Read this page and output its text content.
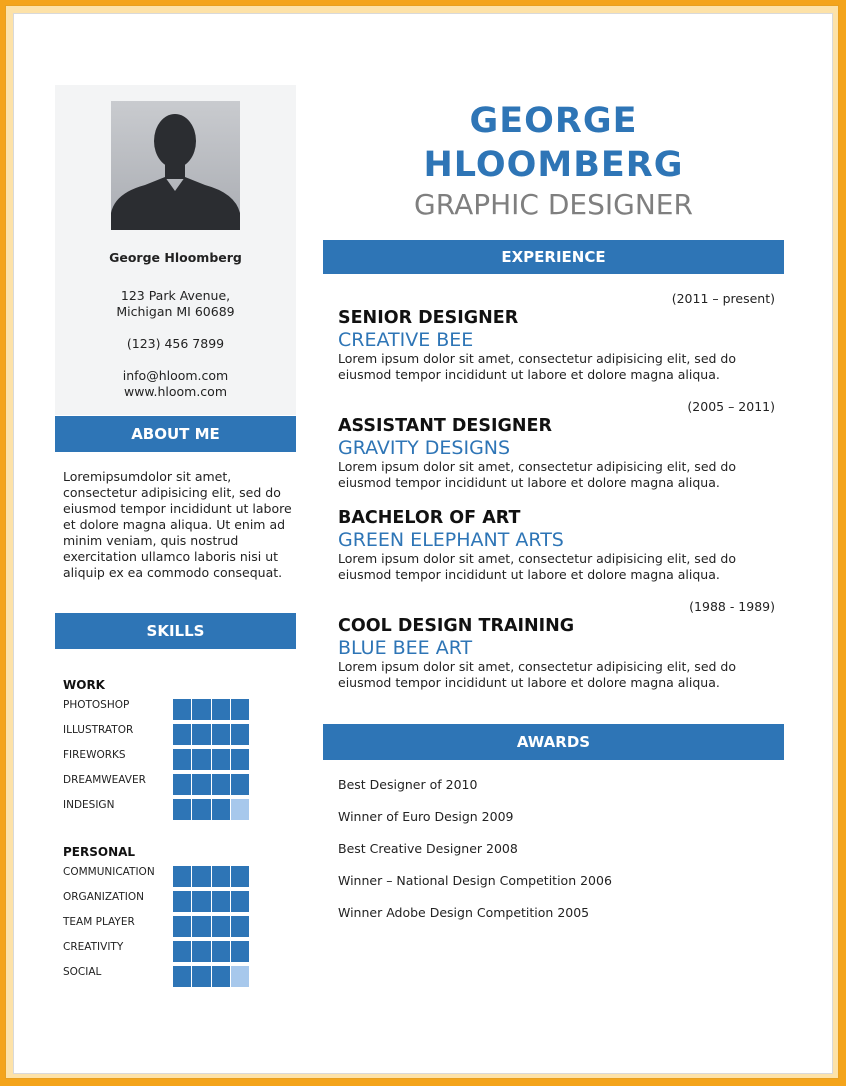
George Hloomberg
123 Park Avenue,
Michigan MI 60689
(123) 456 7899
info@hloom.com
www.hloom.com
ABOUT ME
Loremipsumdolor sit amet, consectetur adipisicing elit, sed do eiusmod tempor incididunt ut labore et dolore magna aliqua. Ut enim ad minim veniam, quis nostrud exercitation ullamco laboris nisi ut aliquip ex ea commodo consequat.
SKILLS
WORK
PHOTOSHOP
ILLUSTRATOR
FIREWORKS
DREAMWEAVER
INDESIGN
PERSONAL
COMMUNICATION
ORGANIZATION
TEAM PLAYER
CREATIVITY
SOCIAL
GEORGE
HLOOMBERG
GRAPHIC DESIGNER
EXPERIENCE
(2011 – present)
SENIOR DESIGNER
CREATIVE BEE
Lorem ipsum dolor sit amet, consectetur adipisicing elit, sed do
eiusmod tempor incididunt ut labore et dolore magna aliqua.
(2005 – 2011)
ASSISTANT DESIGNER
GRAVITY DESIGNS
Lorem ipsum dolor sit amet, consectetur adipisicing elit, sed do
eiusmod tempor incididunt ut labore et dolore magna aliqua.
BACHELOR OF ART
GREEN ELEPHANT ARTS
Lorem ipsum dolor sit amet, consectetur adipisicing elit, sed do
eiusmod tempor incididunt ut labore et dolore magna aliqua.
(1988 - 1989)
COOL DESIGN TRAINING
BLUE BEE ART
Lorem ipsum dolor sit amet, consectetur adipisicing elit, sed do
eiusmod tempor incididunt ut labore et dolore magna aliqua.
AWARDS
Best Designer of 2010
Winner of Euro Design 2009
Best Creative Designer 2008
Winner – National Design Competition 2006
Winner Adobe Design Competition 2005
